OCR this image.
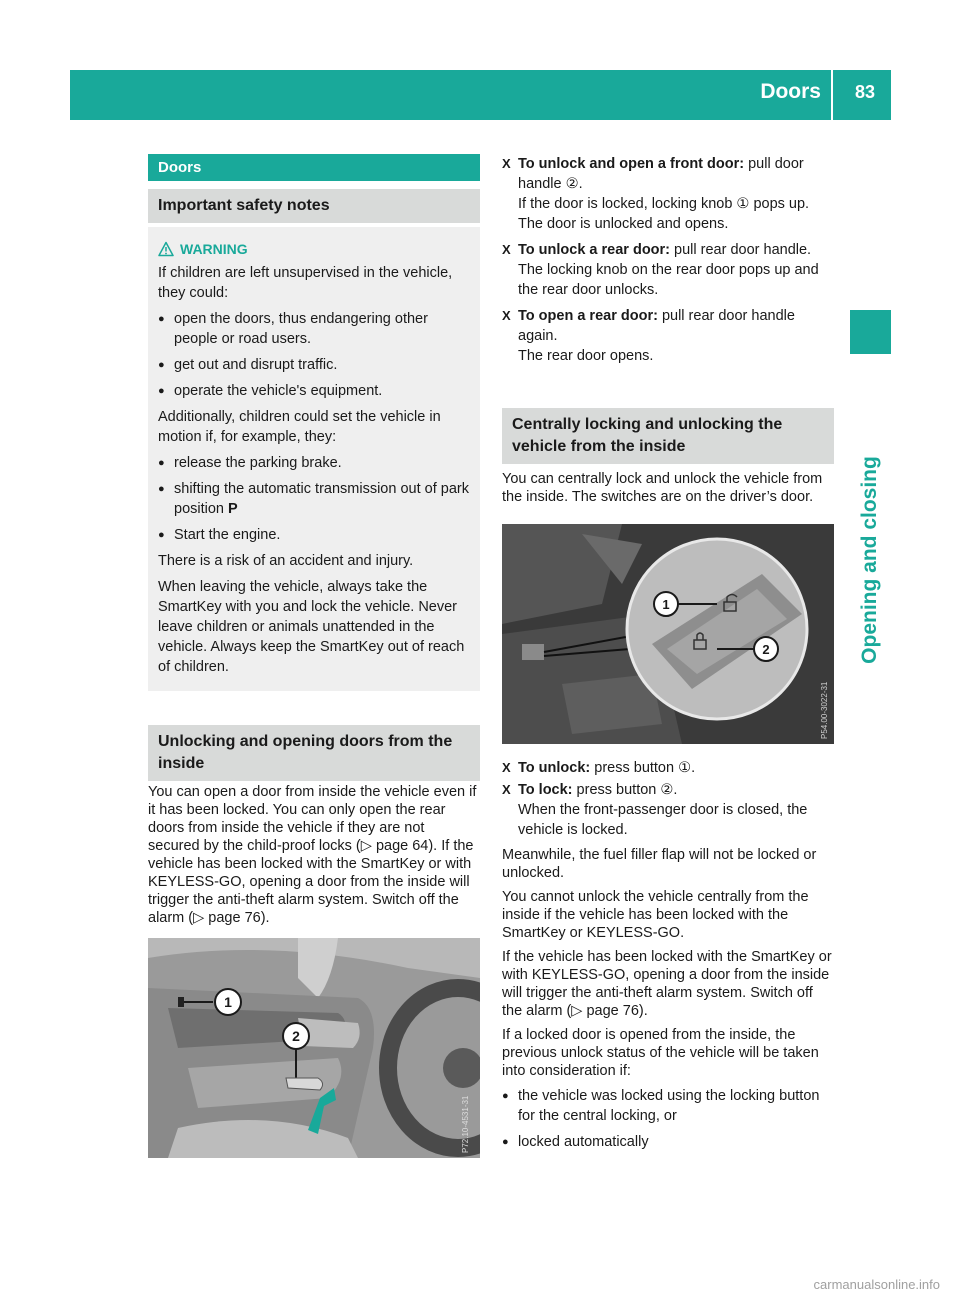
Doors 83
Opening and closing
Doors
Important safety notes
WARNING

If children are left unsupervised in the vehicle, they could:

● open the doors, thus endangering other people or road users.
● get out and disrupt traffic.
● operate the vehicle's equipment.

Additionally, children could set the vehicle in motion if, for example, they:

● release the parking brake.
● shifting the automatic transmission out of park position P
● Start the engine.

There is a risk of an accident and injury.

When leaving the vehicle, always take the SmartKey with you and lock the vehicle. Never leave children or animals unattended in the vehicle. Always keep the SmartKey out of reach of children.

Unlocking and opening doors from the inside

You can open a door from inside the vehicle even if it has been locked. You can only open the rear doors from inside the vehicle if they are not secured by the child-proof locks (▷ page 64). If the vehicle has been locked with the SmartKey or with KEYLESS-GO, opening a door from the inside will trigger the anti-theft alarm system. Switch off the alarm (▷ page 76).

1
2
P72.10-4531-31
X To unlock and open a front door: pull door handle ②.
If the door is locked, locking knob ① pops up. The door is unlocked and opens.
X To unlock a rear door: pull rear door handle. The locking knob on the rear door pops up and the rear door unlocks.
X To open a rear door: pull rear door handle again.
The rear door opens.
Centrally locking and unlocking the vehicle from the inside

You can centrally lock and unlock the vehicle from the inside. The switches are on the driver’s door.

1
2
P54.00-3022-31
X To unlock: press button ①.
X To lock: press button ②.
When the front-passenger door is closed, the vehicle is locked.

Meanwhile, the fuel filler flap will not be locked or unlocked.

You cannot unlock the vehicle centrally from the inside if the vehicle has been locked with the SmartKey or KEYLESS-GO.

If the vehicle has been locked with the SmartKey or with KEYLESS-GO, opening a door from the inside will trigger the anti-theft alarm system. Switch off the alarm (▷ page 76).

If a locked door is opened from the inside, the previous unlock status of the vehicle will be taken into consideration if:

● the vehicle was locked using the locking button for the central locking, or
● locked automatically
carmanualsonline.info
